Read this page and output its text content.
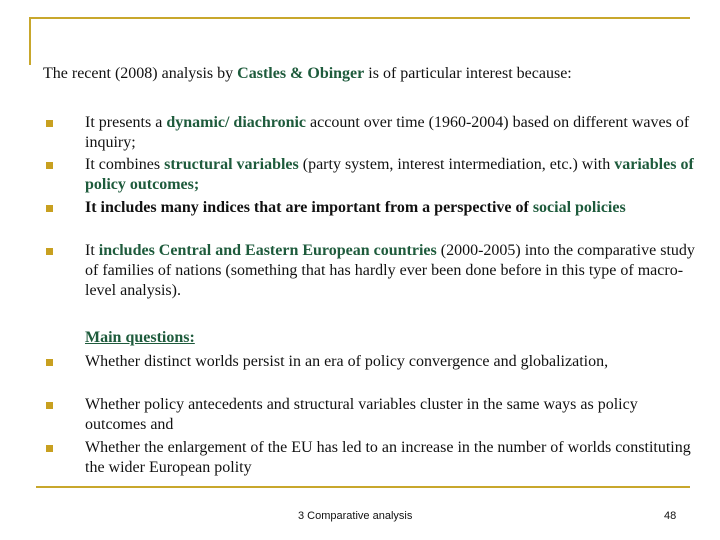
The recent (2008) analysis by Castles & Obinger is of particular interest because:
It presents a dynamic/ diachronic account over time (1960-2004) based on different waves of inquiry;
It combines structural variables (party system, interest intermediation, etc.) with variables of policy outcomes;
It includes many indices that are important from a perspective of social policies
It includes Central and Eastern European countries (2000-2005) into the comparative study of families of nations (something that has hardly ever been done before in this type of macro-level analysis).
Main questions:
Whether distinct worlds persist in an era of policy convergence and globalization,
Whether policy antecedents and structural variables cluster in the same ways as policy outcomes and
Whether the enlargement of the EU has led to an increase in the number of worlds constituting the wider European polity
3 Comparative analysis	48
